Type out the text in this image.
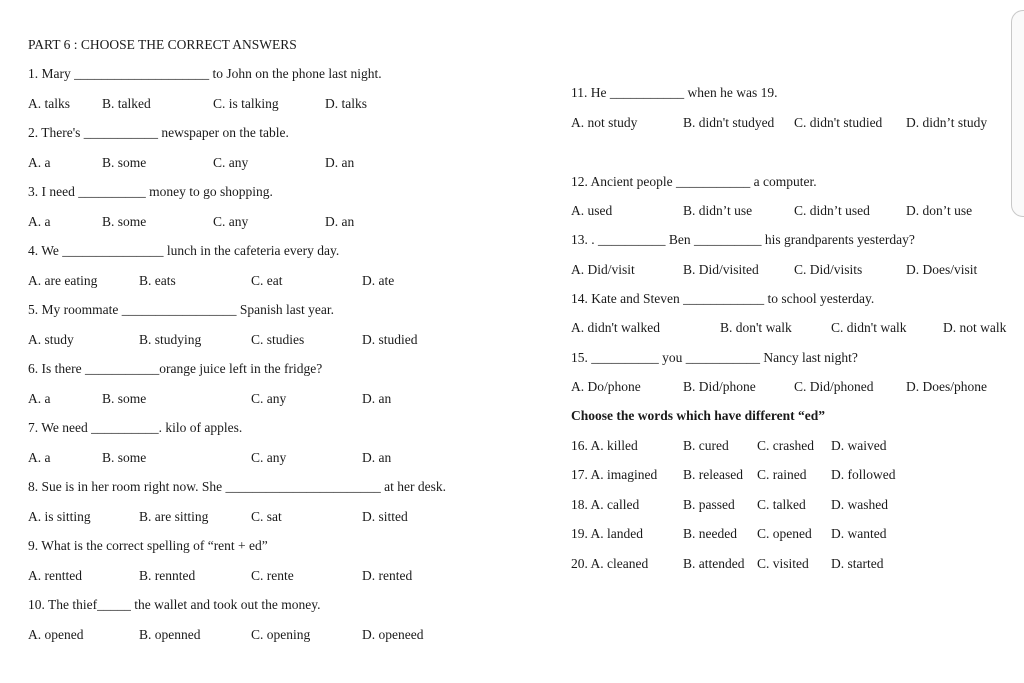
PART 6 : CHOOSE THE CORRECT ANSWERS
1. Mary ____________________ to John on the phone last night.
A. talks B. talked	C. is talking	D. talks
2. There's ___________ newspaper on the table.
A. a	B. some	C. any	D. an
3. I need __________ money to go shopping.
A. a	B. some	C. any	D. an
4. We _______________ lunch in the cafeteria every day.
A. are eating	B. eats	C. eat	D. ate
5. My roommate _________________ Spanish last year.
A. study	B. studying	C. studies	D. studied
6. Is there ___________orange juice left in the fridge?
A. a	B. some	C. any	D. an
7. We need __________. kilo of apples.
A. a	B. some	C. any	D. an
8. Sue is in her room right now. She _______________________ at her desk.
A. is sitting	B. are sitting	C. sat	D. sitted
9. What is the correct spelling of “rent + ed”
A. rentted	B. rennted	C. rente	D. rented
10. The thief_____ the wallet and took out the money.
A. opened	B. openned	C. opening	D. openeed
11. He ___________ when he was 19.
A. not study	B. didn't studyed C. didn't studied D. didn’t study
12. Ancient people ___________ a computer.
A. used	B. didn’t use	C. didn’t used	D. don’t use
13. . __________ Ben __________ his grandparents yesterday?
A. Did/visit	B. Did/visited	C. Did/visits	D. Does/visit
14. Kate and Steven ____________ to school yesterday.
A. didn't walked	B. don't walk	C. didn't walk	D. not walk
15. __________ you ___________ Nancy last night?
A. Do/phone	B. Did/phone	C. Did/phoned D. Does/phone
Choose the words which have different “ed”
16. A. killed	B. cured C. crashed D. waived
17. A. imagined B. released C. rained D. followed
18. A. called	B. passed C. talked D. washed
19. A. landed	B. needed C. opened D. wanted
20. A. cleaned	B. attended C. visited D. started
